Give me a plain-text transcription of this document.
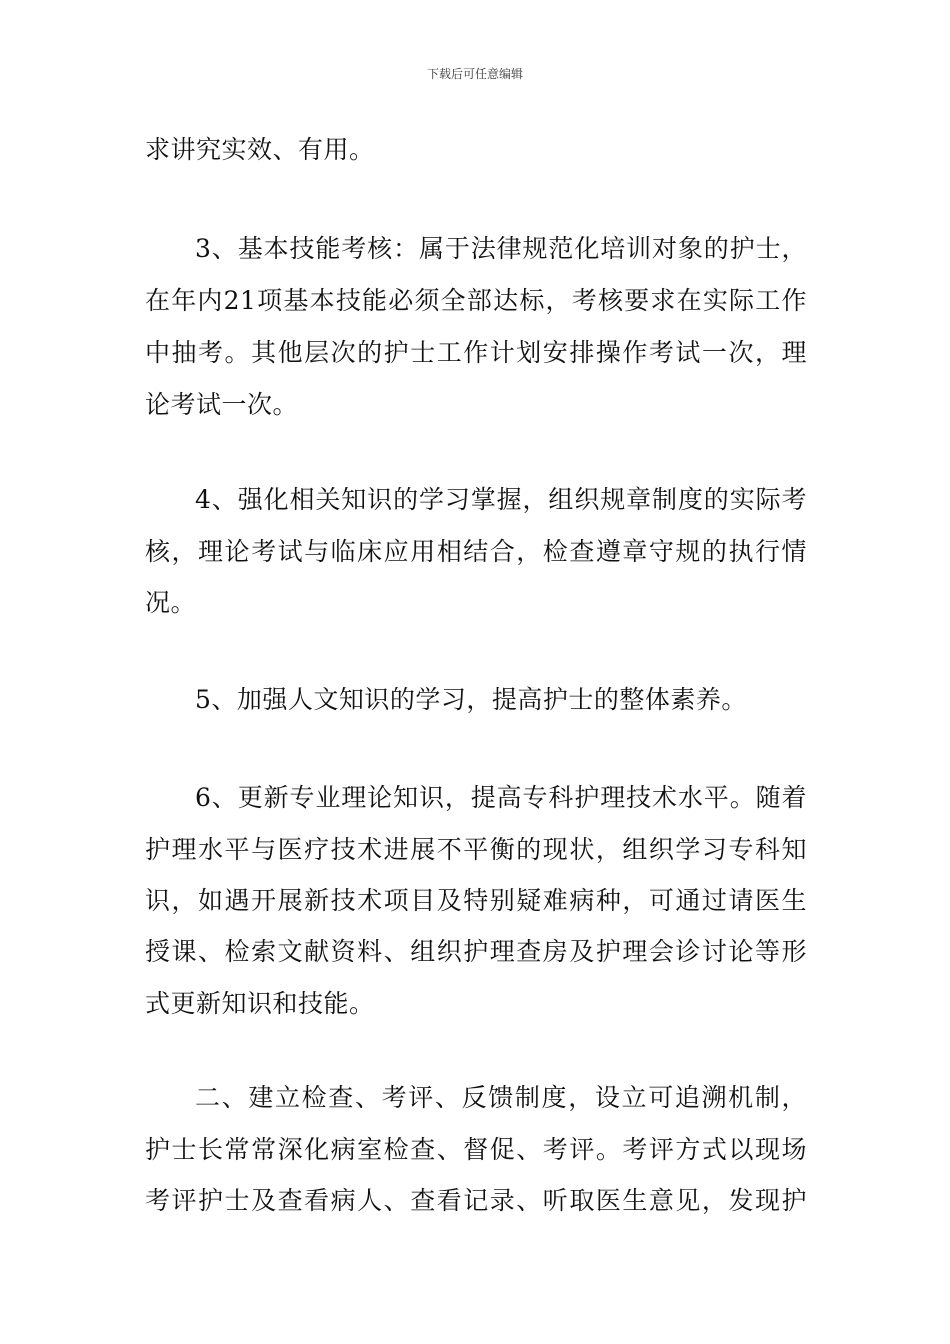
下载后可任意编辑
求讲究实效、有用。
3、基本技能考核：属于法律规范化培训对象的护士，
在年内21项基本技能必须全部达标，考核要求在实际工作
中抽考。其他层次的护士工作计划安排操作考试一次，理
论考试一次。
4、强化相关知识的学习掌握，组织规章制度的实际考
核，理论考试与临床应用相结合，检查遵章守规的执行情
况。
5、加强人文知识的学习，提高护士的整体素养。
6、更新专业理论知识，提高专科护理技术水平。随着
护理水平与医疗技术进展不平衡的现状，组织学习专科知
识，如遇开展新技术项目及特别疑难病种，可通过请医生
授课、检索文献资料、组织护理查房及护理会诊讨论等形
式更新知识和技能。
二、建立检查、考评、反馈制度，设立可追溯机制，
护士长常常深化病室检查、督促、考评。考评方式以现场
考评护士及查看病人、查看记录、听取医生意见，发现护
